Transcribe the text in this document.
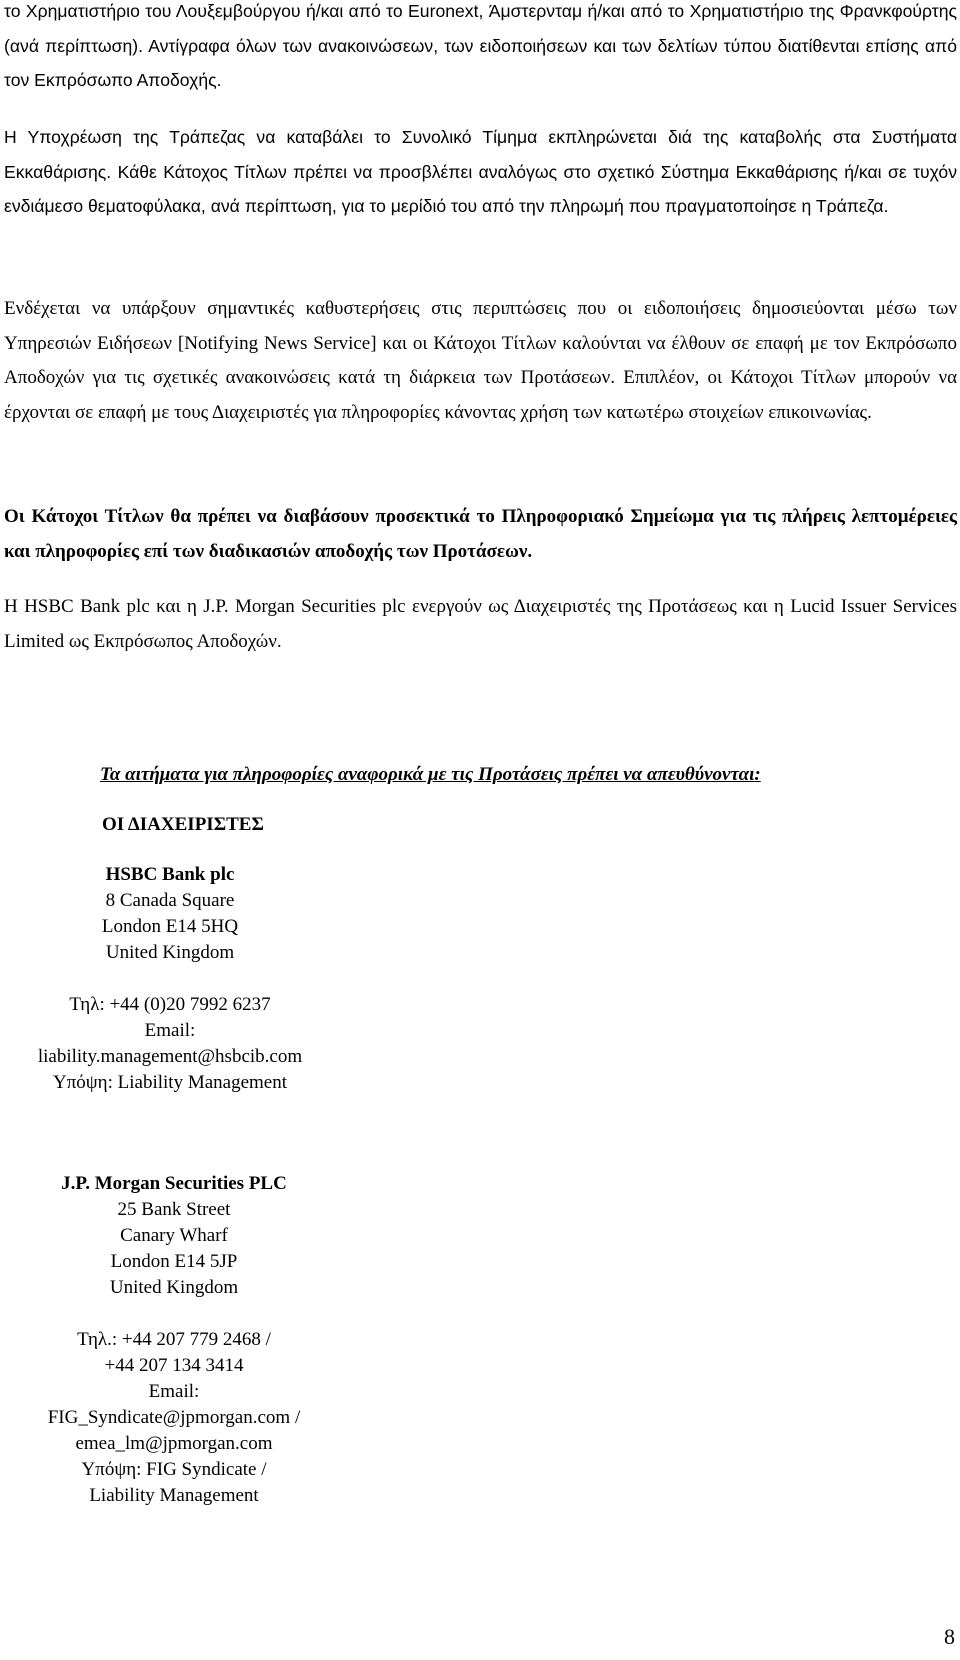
το Χρηματιστήριο του Λουξεμβούργου ή/και από το Euronext, Άμστερνταμ ή/και από το Χρηματιστήριο της Φρανκφούρτης (ανά περίπτωση). Αντίγραφα όλων των ανακοινώσεων, των ειδοποιήσεων και των δελτίων τύπου διατίθενται επίσης από τον Εκπρόσωπο Αποδοχής.

Η Υποχρέωση της Τράπεζας να καταβάλει το Συνολικό Τίμημα εκπληρώνεται διά της καταβολής στα Συστήματα Εκκαθάρισης. Κάθε Κάτοχος Τίτλων πρέπει να προσβλέπει αναλόγως στο σχετικό Σύστημα Εκκαθάρισης ή/και σε τυχόν ενδιάμεσο θεματοφύλακα, ανά περίπτωση, για το μερίδιό του από την πληρωμή που πραγματοποίησε η Τράπεζα.

Ενδέχεται να υπάρξουν σημαντικές καθυστερήσεις στις περιπτώσεις που οι ειδοποιήσεις δημοσιεύονται μέσω των Υπηρεσιών Ειδήσεων [Notifying News Service] και οι Κάτοχοι Τίτλων καλούνται να έλθουν σε επαφή με τον Εκπρόσωπο Αποδοχών για τις σχετικές ανακοινώσεις κατά τη διάρκεια των Προτάσεων. Επιπλέον, οι Κάτοχοι Τίτλων μπορούν να έρχονται σε επαφή με τους Διαχειριστές για πληροφορίες κάνοντας χρήση των κατωτέρω στοιχείων επικοινωνίας.

Οι Κάτοχοι Τίτλων θα πρέπει να διαβάσουν προσεκτικά το Πληροφοριακό Σημείωμα για τις πλήρεις λεπτομέρειες και πληροφορίες επί των διαδικασιών αποδοχής των Προτάσεων.

Η HSBC Bank plc και η J.P. Morgan Securities plc ενεργούν ως Διαχειριστές της Προτάσεως και η Lucid Issuer Services Limited ως Εκπρόσωπος Αποδοχών.

Τα αιτήματα για πληροφορίες αναφορικά με τις Προτάσεις πρέπει να απευθύνονται:

ΟΙ ΔΙΑΧΕΙΡΙΣΤΕΣ

HSBC Bank plc
8 Canada Square
London E14 5HQ
United Kingdom
Τηλ: +44 (0)20 7992 6237
Email:
liability.management@hsbcib.com
Υπόψη: Liability Management
J.P. Morgan Securities PLC
25 Bank Street
Canary Wharf
London E14 5JP
United Kingdom
Τηλ.: +44 207 779 2468 /
+44 207 134 3414
Email:
FIG_Syndicate@jpmorgan.com /
emea_lm@jpmorgan.com
Υπόψη: FIG Syndicate /
Liability Management

8
